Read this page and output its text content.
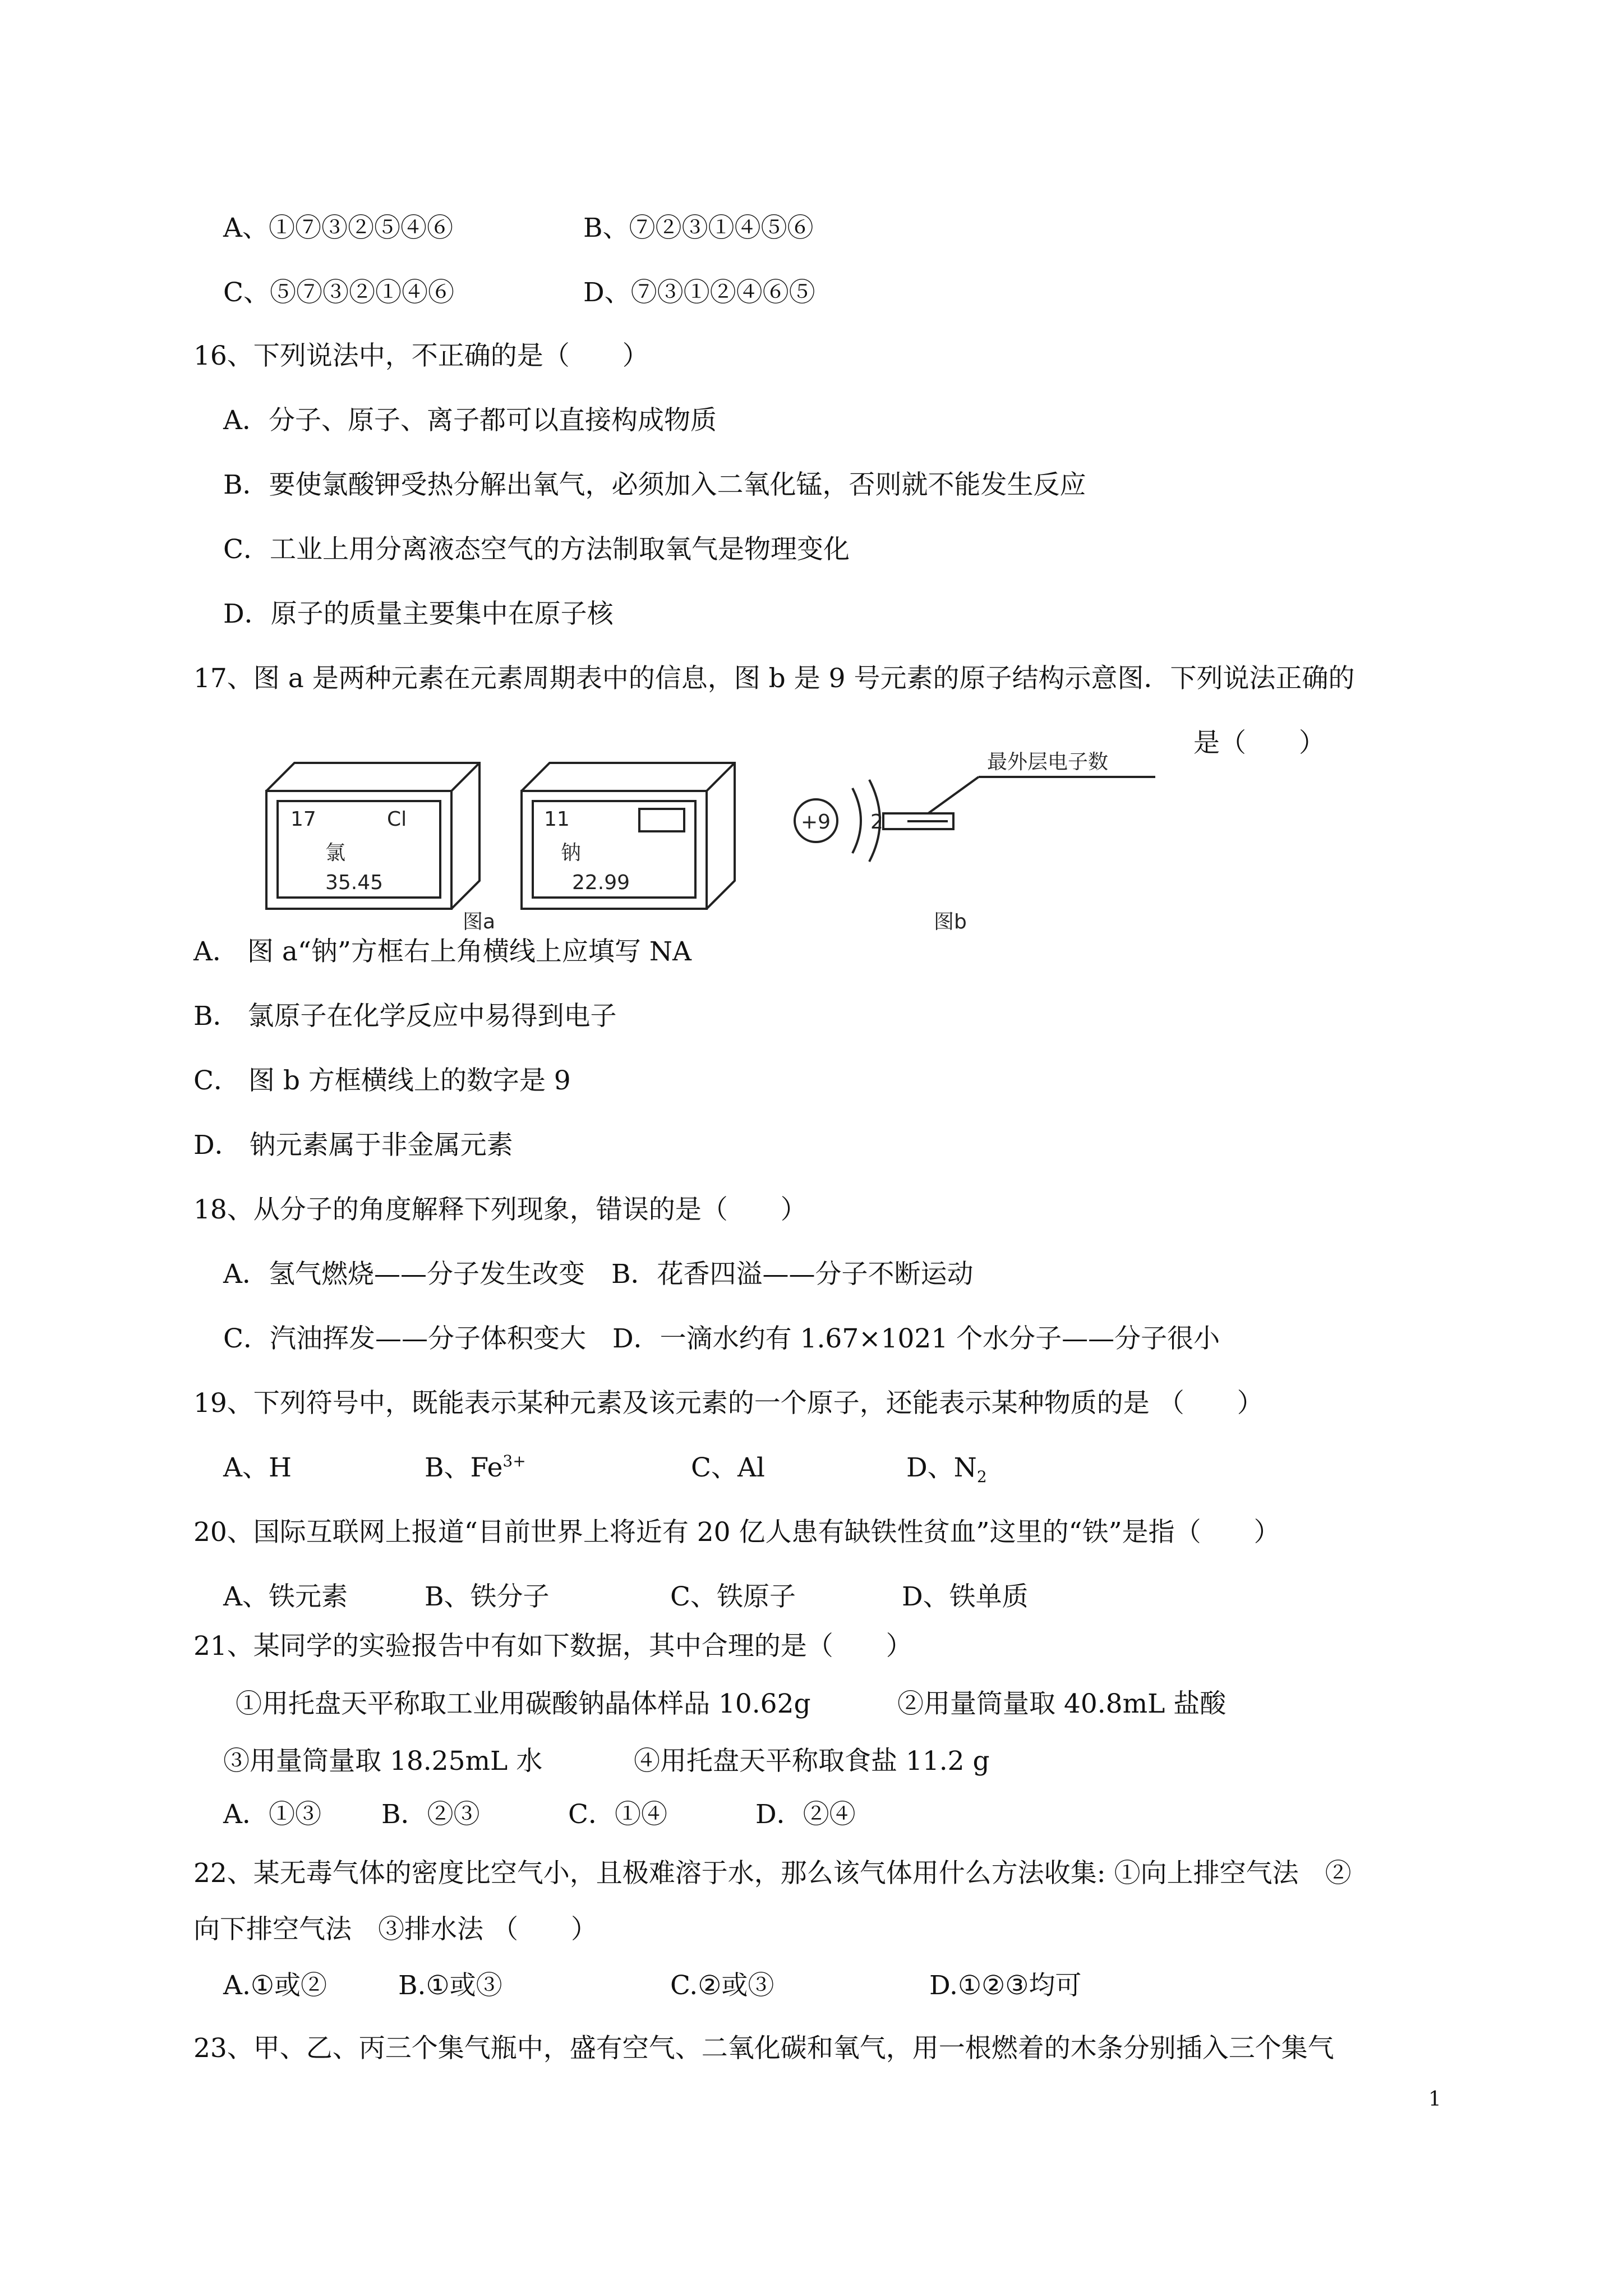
A、①⑦③②⑤④⑥	B、⑦②③①④⑤⑥
C、⑤⑦③②①④⑥	D、⑦③①②④⑥⑤
16、下列说法中，不正确的是（　　）
A．分子、原子、离子都可以直接构成物质
B．要使氯酸钾受热分解出氧气，必须加入二氧化锰，否则就不能发生反应
C．工业上用分离液态空气的方法制取氧气是物理变化
D．原子的质量主要集中在原子核
17、图 a 是两种元素在元素周期表中的信息，图 b 是 9 号元素的原子结构示意图．下列说法正确的
是（　　）
17	Cl
氯
35.45
11
钠
22.99
图a	图b
+9 2
最外层电子数
A． 图 a“钠”方框右上角横线上应填写 NA
B． 氯原子在化学反应中易得到电子
C． 图 b 方框横线上的数字是 9
D． 钠元素属于非金属元素
18、从分子的角度解释下列现象，错误的是（　　）
A．氢气燃烧——分子发生改变　B．花香四溢——分子不断运动
C．汽油挥发——分子体积变大　D．一滴水约有 1.67×1021 个水分子——分子很小
19、下列符号中，既能表示某种元素及该元素的一个原子，还能表示某种物质的是 （　　）
A、H	B、$Fe^{3+}$	C、Al	D、$N_2$
20、国际互联网上报道“目前世界上将近有 20 亿人患有缺铁性贫血”这里的“铁”是指（　　）
A、铁元素	B、铁分子	C、铁原子	D、铁单质
21、某同学的实验报告中有如下数据，其中合理的是（　　）
①用托盘天平称取工业用碳酸钠晶体样品 10.62g	②用量筒量取 40.8mL 盐酸
③用量筒量取 18.25mL 水	④用托盘天平称取食盐 11.2 g
A．①③ B．②③	C．①④	D．②④
22、某无毒气体的密度比空气小，且极难溶于水，那么该气体用什么方法收集: ①向上排空气法　②
向下排空气法　③排水法 （　　）
A.①或②	B.①或③	C.②或③	D.①②③均可
23、甲、乙、丙三个集气瓶中，盛有空气、二氧化碳和氧气，用一根燃着的木条分别插入三个集气
1
